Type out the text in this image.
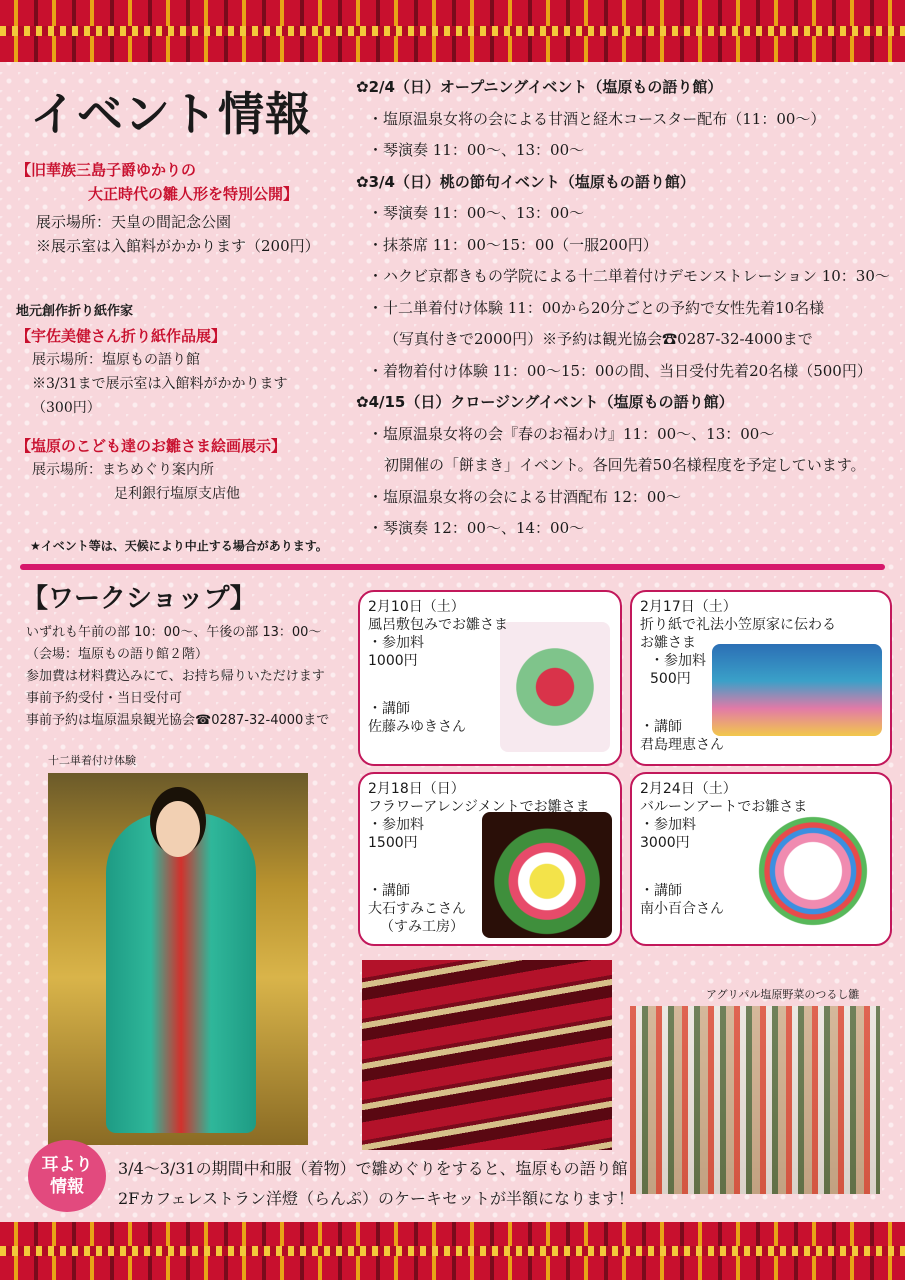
イベント情報
【旧華族三島子爵ゆかりの
大正時代の雛人形を特別公開】
展示場所：天皇の間記念公園
※展示室は入館料がかかります（200円）
地元創作折り紙作家
【宇佐美健さん折り紙作品展】
展示場所：塩原もの語り館
※3/31まで展示室は入館料がかかります
（300円）
【塩原のこども達のお雛さま絵画展示】
展示場所：まちめぐり案内所
足利銀行塩原支店他
★イベント等は、天候により中止する場合があります。
✿2/4（日）オープニングイベント（塩原もの語り館）
・塩原温泉女将の会による甘酒と経木コースター配布（11：00～）
・琴演奏 11：00～、13：00～
✿3/4（日）桃の節句イベント（塩原もの語り館）
・琴演奏 11：00～、13：00～
・抹茶席 11：00～15：00（一服200円）
・ハクビ京都きもの学院による十二単着付けデモンストレーション 10：30～
・十二単着付け体験 11：00から20分ごとの予約で女性先着10名様
（写真付きで2000円）※予約は観光協会☎0287-32-4000まで
・着物着付け体験 11：00～15：00の間、当日受付先着20名様（500円）
✿4/15（日）クロージングイベント（塩原もの語り館）
・塩原温泉女将の会『春のお福わけ』11：00～、13：00～
初開催の「餅まき」イベント。各回先着50名様程度を予定しています。
・塩原温泉女将の会による甘酒配布 12：00～
・琴演奏 12：00～、14：00～
【ワークショップ】
いずれも午前の部 10：00～、午後の部 13：00～
（会場：塩原もの語り館２階）
参加費は材料費込みにて、お持ち帰りいただけます
事前予約受付・当日受付可
事前予約は塩原温泉観光協会☎0287-32-4000まで
十二単着付け体験
2月10日（土）
風呂敷包みでお雛さま
・参加料
1000円
・講師
佐藤みゆきさん
2月17日（土）
折り紙で礼法小笠原家に伝わる
お雛さま
・参加料
500円
・講師
君島理恵さん
2月18日（日）
フラワーアレンジメントでお雛さま
・参加料
1500円
・講師
大石すみこさん
（すみ工房）
2月24日（土）
バルーンアートでお雛さま
・参加料
3000円
・講師
南小百合さん
アグリパル塩原野菜のつるし雛
耳より
情報
3/4～3/31の期間中和服（着物）で雛めぐりをすると、塩原もの語り館
2Fカフェレストラン洋燈（らんぷ）のケーキセットが半額になります！
